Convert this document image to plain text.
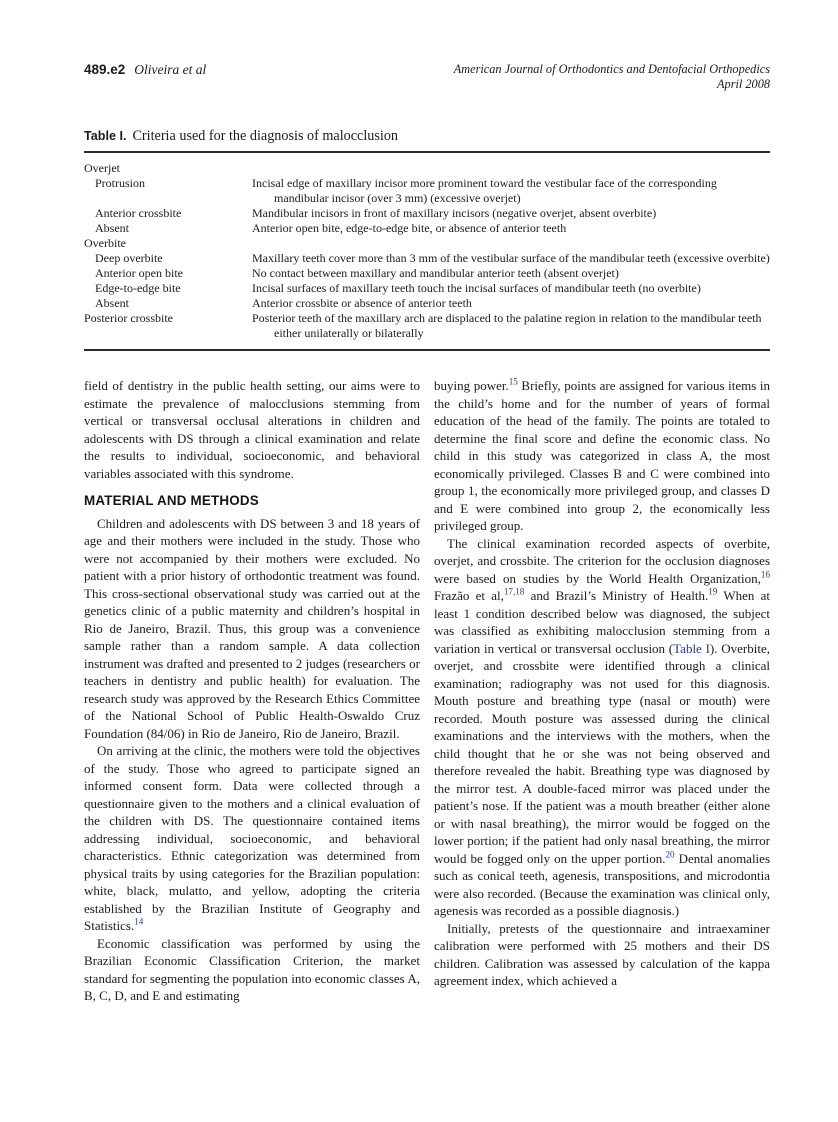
489.e2 Oliveira et al	American Journal of Orthodontics and Dentofacial Orthopedics
April 2008
Table I. Criteria used for the diagnosis of malocclusion
Overjet
Protrusion	Incisal edge of maxillary incisor more prominent toward the vestibular face of the corresponding mandibular incisor (over 3 mm) (excessive overjet)
Anterior crossbite	Mandibular incisors in front of maxillary incisors (negative overjet, absent overbite)
Absent	Anterior open bite, edge-to-edge bite, or absence of anterior teeth
Overbite
Deep overbite	Maxillary teeth cover more than 3 mm of the vestibular surface of the mandibular teeth (excessive overbite)
Anterior open bite	No contact between maxillary and mandibular anterior teeth (absent overjet)
Edge-to-edge bite	Incisal surfaces of maxillary teeth touch the incisal surfaces of mandibular teeth (no overbite)
Absent	Anterior crossbite or absence of anterior teeth
Posterior crossbite	Posterior teeth of the maxillary arch are displaced to the palatine region in relation to the mandibular teeth either unilaterally or bilaterally

field of dentistry in the public health setting, our aims were to estimate the prevalence of malocclusions stemming from vertical or transversal occlusal alterations in children and adolescents with DS through a clinical examination and relate the results to individual, socioeconomic, and behavioral variables associated with this syndrome.

MATERIAL AND METHODS

Children and adolescents with DS between 3 and 18 years of age and their mothers were included in the study. Those who were not accompanied by their mothers were excluded. No patient with a prior history of orthodontic treatment was found. This cross-sectional observational study was carried out at the genetics clinic of a public maternity and children’s hospital in Rio de Janeiro, Brazil. Thus, this group was a convenience sample rather than a random sample. A data collection instrument was drafted and presented to 2 judges (researchers or teachers in dentistry and public health) for evaluation. The research study was approved by the Research Ethics Committee of the National School of Public Health-Oswaldo Cruz Foundation (84/06) in Rio de Janeiro, Rio de Janeiro, Brazil.

On arriving at the clinic, the mothers were told the objectives of the study. Those who agreed to participate signed an informed consent form. Data were collected through a questionnaire given to the mothers and a clinical evaluation of the children with DS. The questionnaire contained items addressing individual, socioeconomic, and behavioral characteristics. Ethnic categorization was determined from physical traits by using categories for the Brazilian population: white, black, mulatto, and yellow, adopting the criteria established by the Brazilian Institute of Geography and Statistics.$^{14}$

Economic classification was performed by using the Brazilian Economic Classification Criterion, the market standard for segmenting the population into economic classes A, B, C, D, and E and estimating

buying power.$^{15}$ Briefly, points are assigned for various items in the child’s home and for the number of years of formal education of the head of the family. The points are totaled to determine the final score and define the economic class. No child in this study was categorized in class A, the most economically privileged. Classes B and C were combined into group 1, the economically more privileged group, and classes D and E were combined into group 2, the economically less privileged group.

The clinical examination recorded aspects of overbite, overjet, and crossbite. The criterion for the occlusion diagnoses were based on studies by the World Health Organization,$^{16}$ Frazão et al,$^{17,18}$ and Brazil’s Ministry of Health.$^{19}$ When at least 1 condition described below was diagnosed, the subject was classified as exhibiting malocclusion stemming from a variation in vertical or transversal occlusion (Table I). Overbite, overjet, and crossbite were identified through a clinical examination; radiography was not used for this diagnosis. Mouth posture and breathing type (nasal or mouth) were recorded. Mouth posture was assessed during the clinical examinations and the interviews with the mothers, when the child thought that he or she was not being observed and therefore revealed the habit. Breathing type was diagnosed by the mirror test. A double-faced mirror was placed under the patient’s nose. If the patient was a mouth breather (either alone or with nasal breathing), the mirror would be fogged on the lower portion; if the patient had only nasal breathing, the mirror would be fogged only on the upper portion.$^{20}$ Dental anomalies such as conical teeth, agenesis, transpositions, and microdontia were also recorded. (Because the examination was clinical only, agenesis was recorded as a possible diagnosis.)

Initially, pretests of the questionnaire and intraexaminer calibration were performed with 25 mothers and their DS children. Calibration was assessed by calculation of the kappa agreement index, which achieved a
